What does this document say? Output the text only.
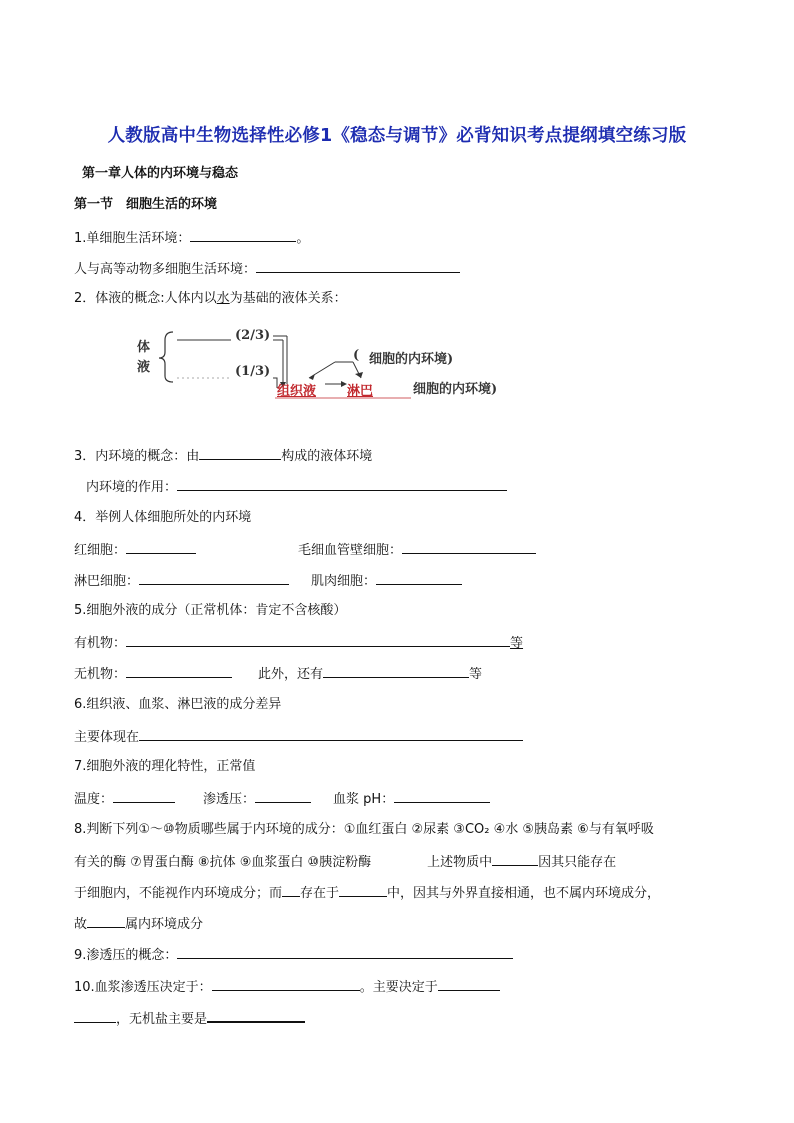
人教版高中生物选择性必修1《稳态与调节》必背知识考点提纲填空练习版
第一章人体的内环境与稳态
第一节　细胞生活的环境
1.单细胞生活环境：	。
人与高等动物多细胞生活环境：
2．体液的概念:人体内以水为基础的液体关系：
体
液
(2/3)
(1/3)
( 细胞的内环境)
组织液 淋巴	细胞的内环境)
3．内环境的概念：由	构成的液体环境
内环境的作用：
4．举例人体细胞所处的内环境
红细胞：	毛细血管壁细胞：
淋巴细胞：	肌肉细胞：
5.细胞外液的成分（正常机体：肯定不含核酸）
有机物：	等
无机物：	此外，还有	等
6.组织液、血浆、淋巴液的成分差异
主要体现在
7.细胞外液的理化特性，正常值
温度：	渗透压：	血浆 pH：
8.判断下列①～⑩物质哪些属于内环境的成分：①血红蛋白 ②尿素 ③CO₂ ④水 ⑤胰岛素 ⑥与有氧呼吸
有关的酶 ⑦胃蛋白酶 ⑧抗体 ⑨血浆蛋白 ⑩胰淀粉酶	上述物质中	因其只能存在
于细胞内，不能视作内环境成分；而 存在于	中，因其与外界直接相通，也不属内环境成分，
故	属内环境成分
9.渗透压的概念：
10.血浆渗透压决定于：	。主要决定于
，无机盐主要是
